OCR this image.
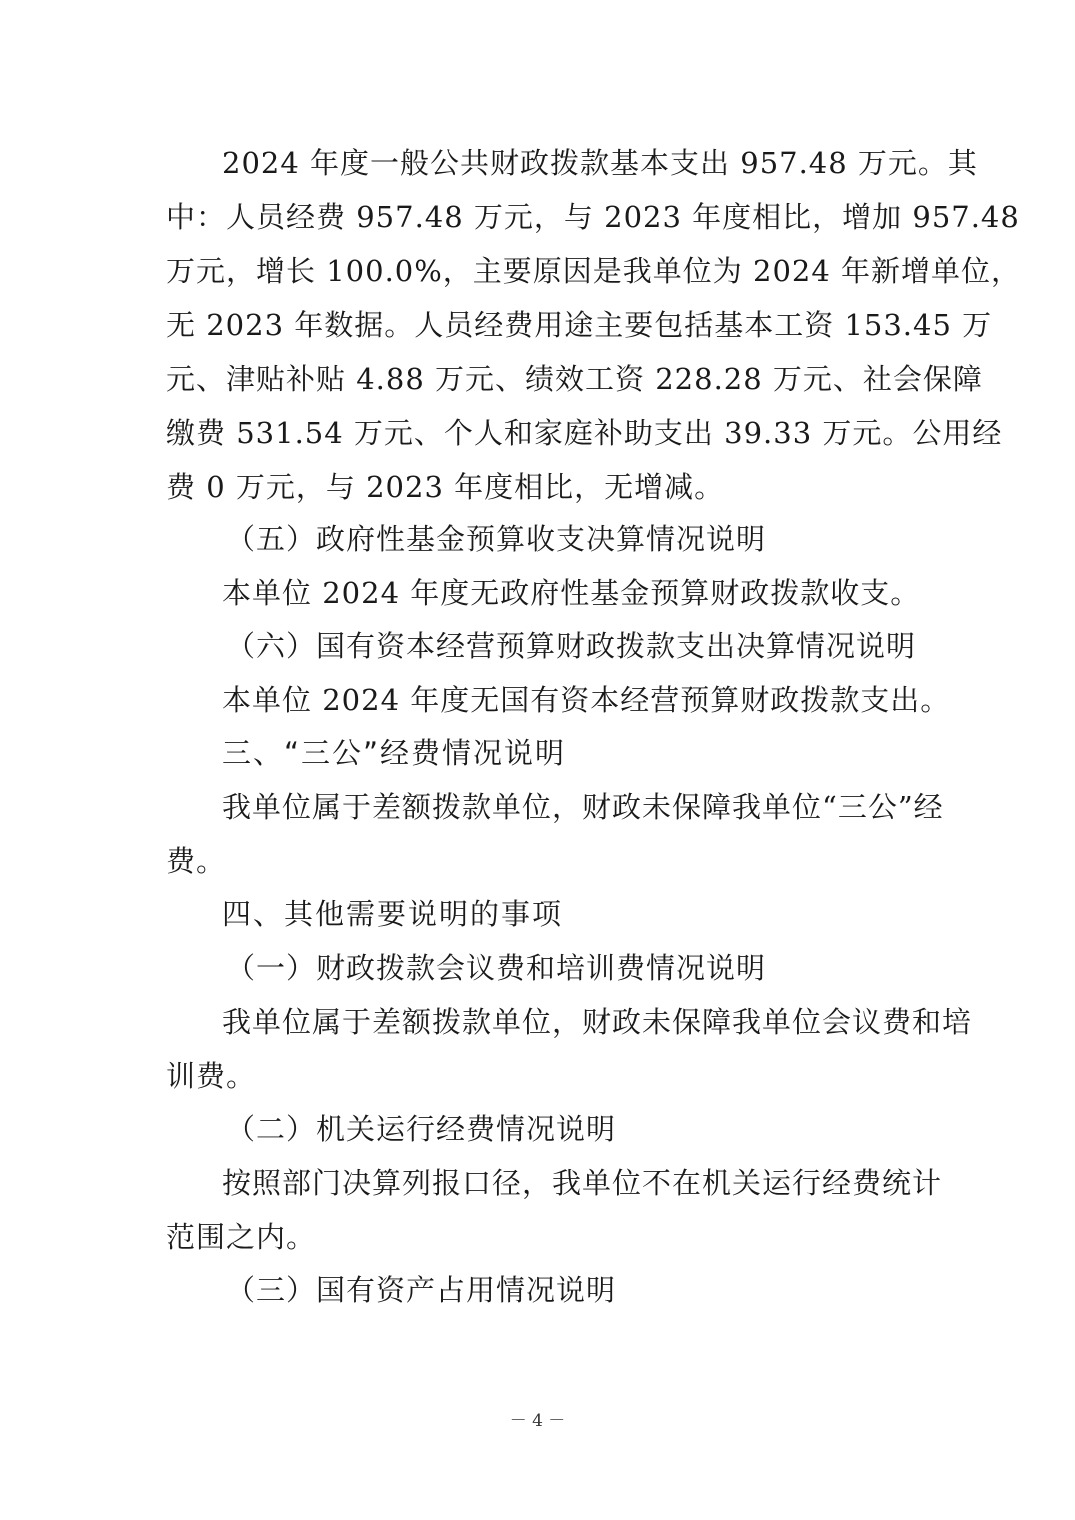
2024 年度一般公共财政拨款基本支出 957.48 万元。其
中：人员经费 957.48 万元，与 2023 年度相比，增加 957.48
万元，增长 100.0%，主要原因是我单位为 2024 年新增单位，
无 2023 年数据。人员经费用途主要包括基本工资 153.45 万
元、津贴补贴 4.88 万元、绩效工资 228.28 万元、社会保障
缴费 531.54 万元、个人和家庭补助支出 39.33 万元。公用经
费 0 万元，与 2023 年度相比，无增减。
（五）政府性基金预算收支决算情况说明
本单位 2024 年度无政府性基金预算财政拨款收支。
（六）国有资本经营预算财政拨款支出决算情况说明
本单位 2024 年度无国有资本经营预算财政拨款支出。
三、“三公”经费情况说明
我单位属于差额拨款单位，财政未保障我单位“三公”经
费。
四、其他需要说明的事项
（一）财政拨款会议费和培训费情况说明
我单位属于差额拨款单位，财政未保障我单位会议费和培
训费。
（二）机关运行经费情况说明
按照部门决算列报口径，我单位不在机关运行经费统计
范围之内。
（三）国有资产占用情况说明
－ 4 －
